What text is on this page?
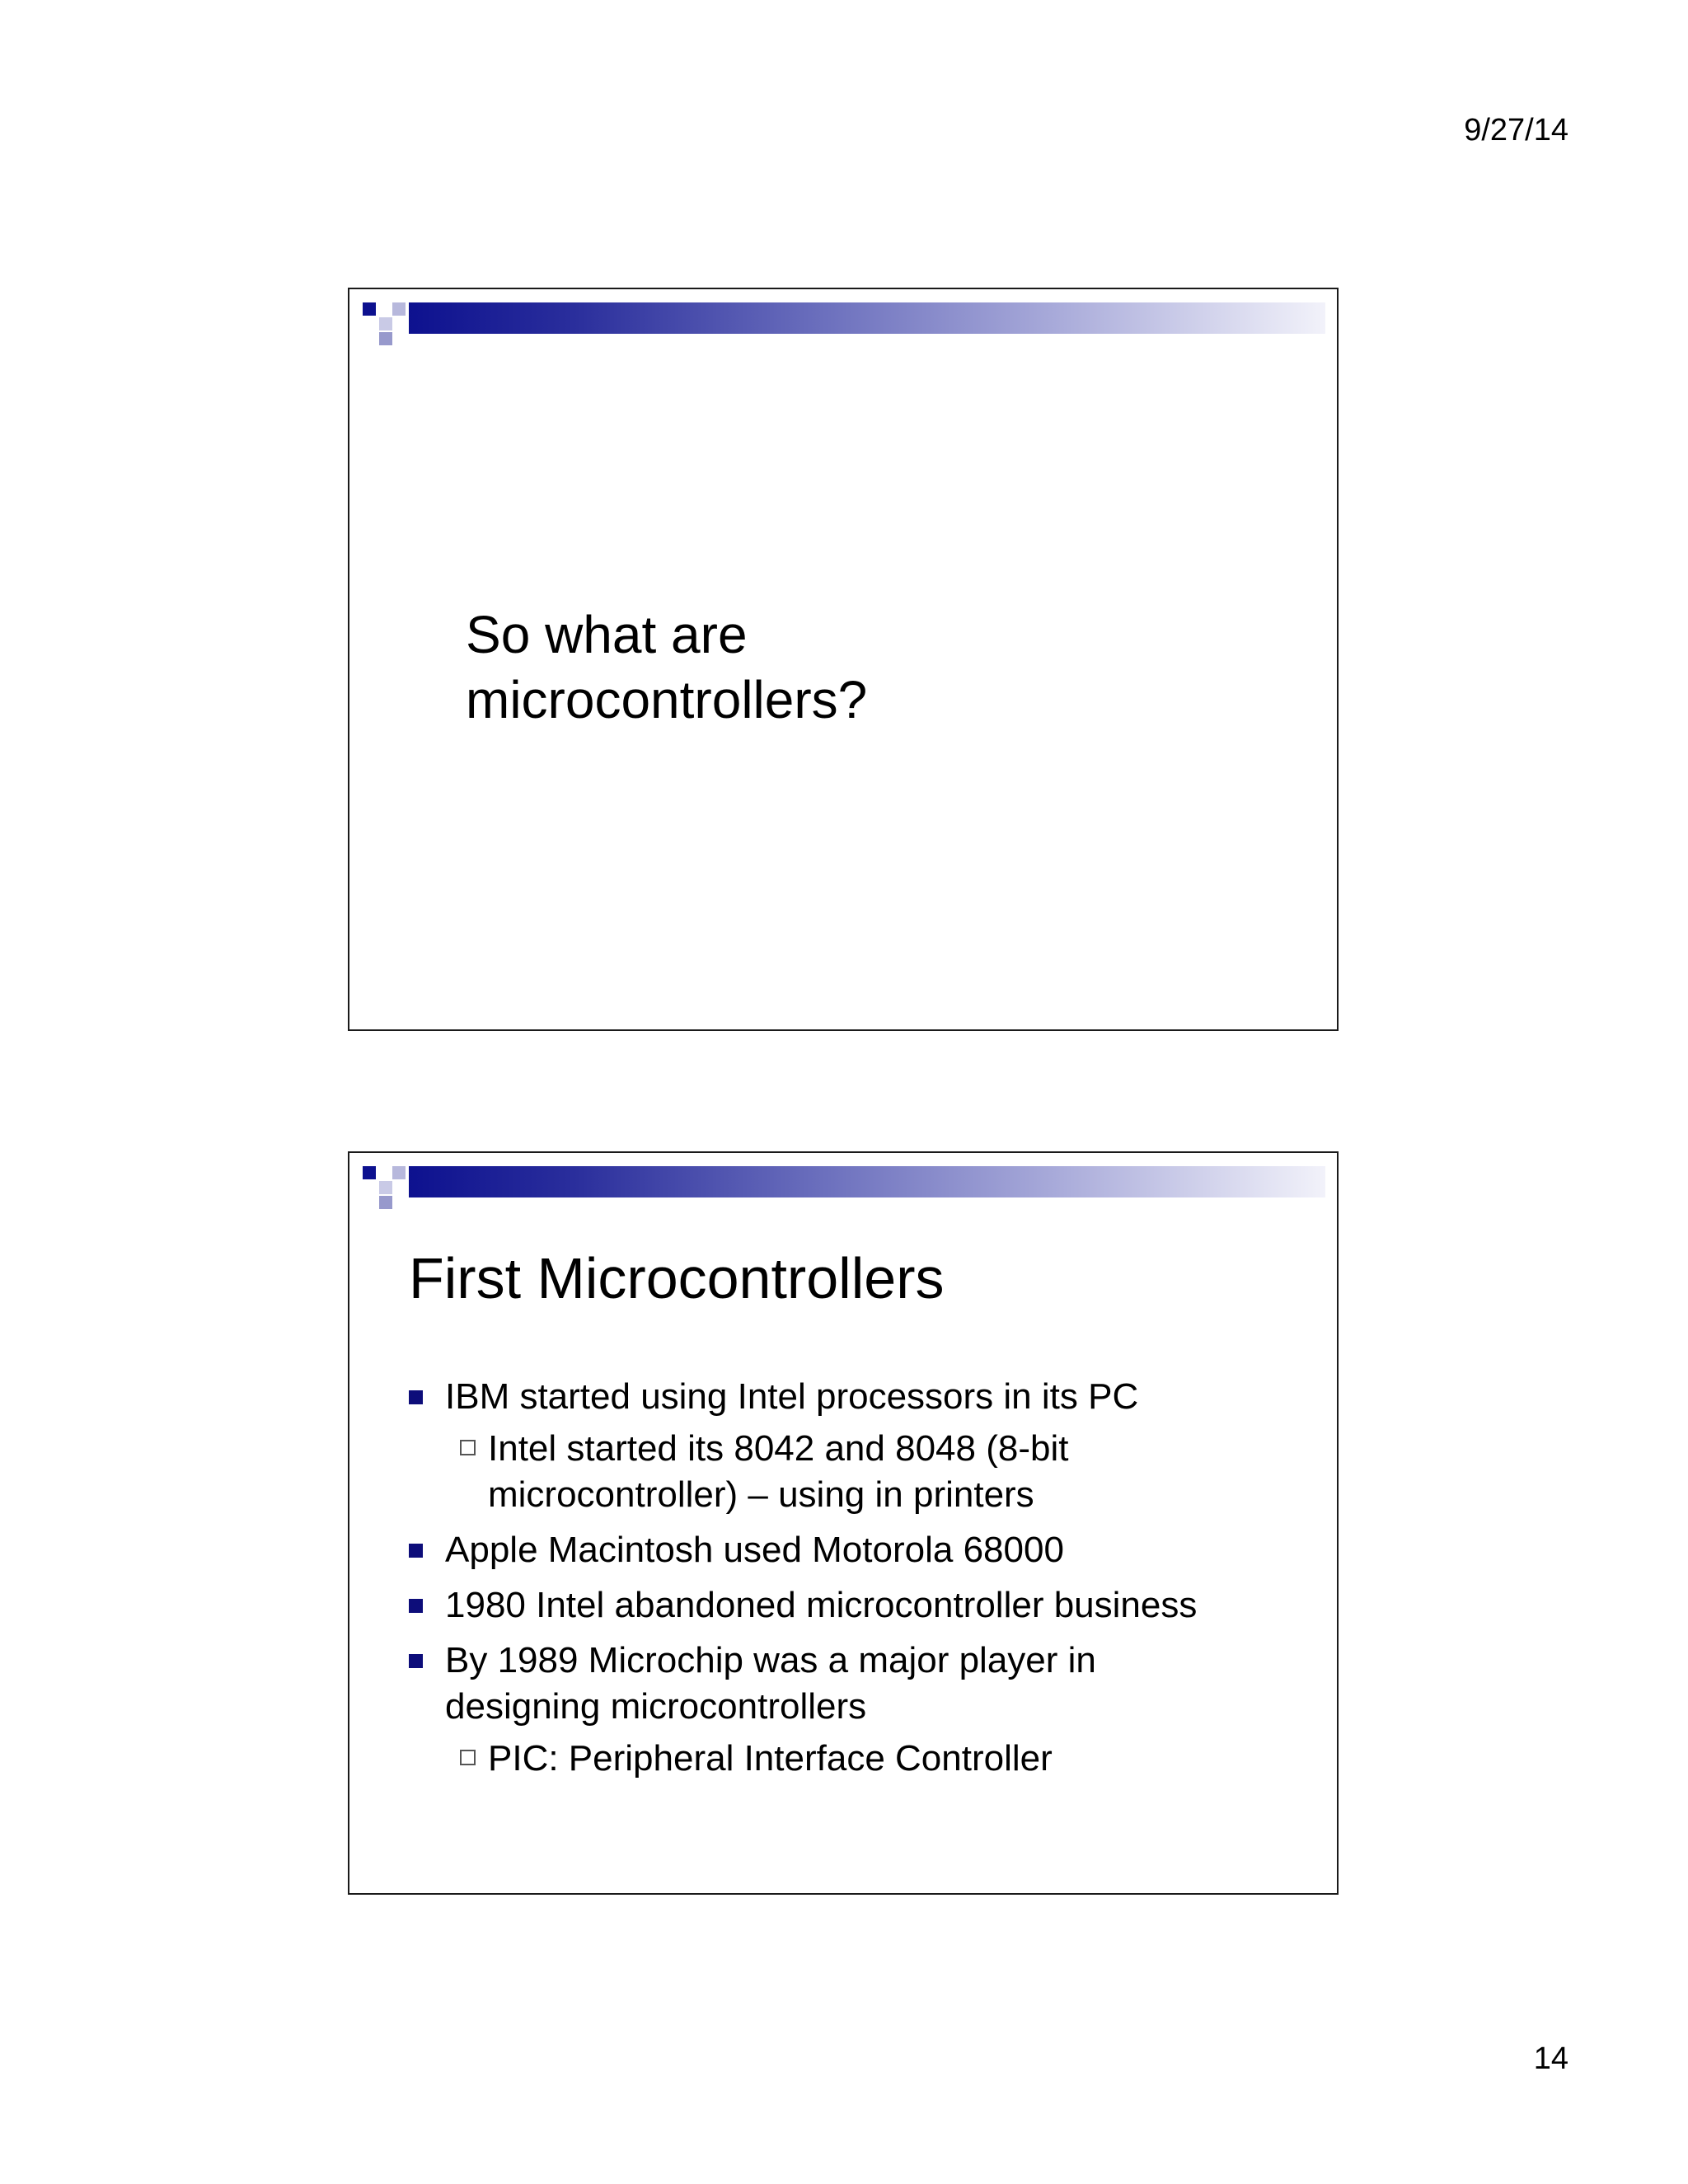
9/27/14
So what are microcontrollers?
First Microcontrollers
IBM started using Intel processors in its PC
Intel started its 8042 and 8048 (8-bit microcontroller) – using in printers
Apple Macintosh used Motorola 68000
1980 Intel abandoned microcontroller business
By 1989 Microchip was a major player in designing microcontrollers
PIC: Peripheral Interface Controller
14
